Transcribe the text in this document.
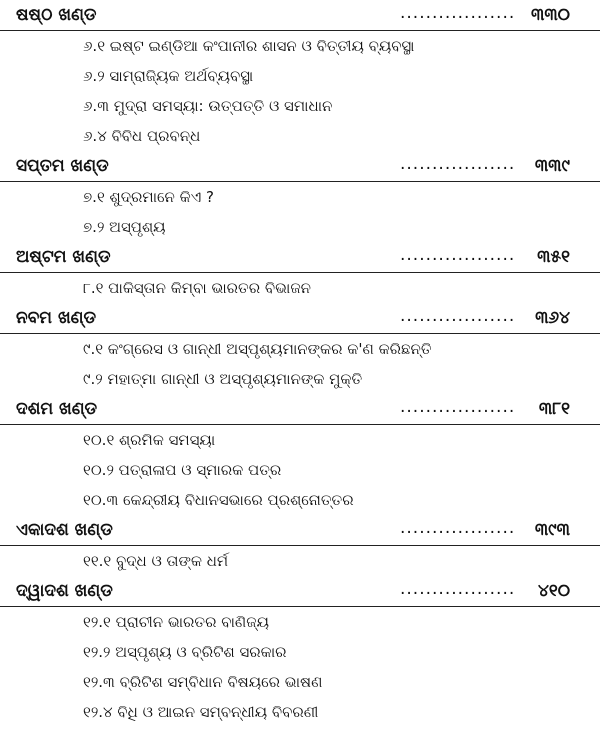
ଷଷ୍ଠ ଖଣ୍ଡ	.................. ୩୩୦
୬.୧ ଇଷ୍ଟ ଇଣ୍ଡିଆ କଂପାନୀର ଶାସନ ଓ ବିତ୍ତୀୟ ବ୍ୟବସ୍ଥା
୬.୨ ସାମ୍ରାଜ୍ୟିକ ଅର୍ଥବ୍ୟବସ୍ଥା
୬.୩ ମୁଦ୍ରା ସମସ୍ୟା: ଉତ୍ପତ୍ତି ଓ ସମାଧାନ
୬.୪ ବିବିଧ ପ୍ରବନ୍ଧ
ସପ୍ତମ ଖଣ୍ଡ	.................. ୩୩୯
୭.୧ ଶୁଦ୍ରମାନେ କିଏ ?
୭.୨ ଅସ୍ପୃଶ୍ୟ
ଅଷ୍ଟମ ଖଣ୍ଡ	.................. ୩୫୧
୮.୧ ପାକିସ୍ତାନ କିମ୍ବା ଭାରତର ବିଭାଜନ
ନବମ ଖଣ୍ଡ	.................. ୩୬୪
୯.୧ କଂଗ୍ରେସ ଓ ଗାନ୍ଧୀ ଅସ୍ପୃଶ୍ୟମାନଙ୍କର କ'ଣ କରିଛନ୍ତି
୯.୨ ମହାତ୍ମା ଗାନ୍ଧୀ ଓ ଅସ୍ପୃଶ୍ୟମାନଙ୍କ ମୁକ୍ତି
ଦଶମ ଖଣ୍ଡ	.................. ୩୮୧
୧୦.୧ ଶ୍ରମିକ ସମସ୍ୟା
୧୦.୨ ପତ୍ରାଳାପ ଓ ସ୍ମାରକ ପତ୍ର
୧୦.୩ କେନ୍ଦ୍ରୀୟ ବିଧାନସଭାରେ ପ୍ରଶ୍ନୋତ୍ତର
ଏକାଦଶ ଖଣ୍ଡ	.................. ୩୯୩
୧୧.୧ ବୁଦ୍ଧ ଓ ତାଙ୍କ ଧର୍ମ
ଦ୍ୱାଦଶ ଖଣ୍ଡ	.................. ୪୧୦
୧୨.୧ ପ୍ରାଚୀନ ଭାରତର ବାଣିଜ୍ୟ
୧୨.୨ ଅସ୍ପୃଶ୍ୟ ଓ ବ୍ରିଟିଶ ସରକାର
୧୨.୩ ବ୍ରିଟିଶ ସମ୍ବିଧାନ ବିଷୟରେ ଭାଷଣ
୧୨.୪ ବିଧି ଓ ଆଇନ ସମ୍ବନ୍ଧୀୟ ବିବରଣୀ
